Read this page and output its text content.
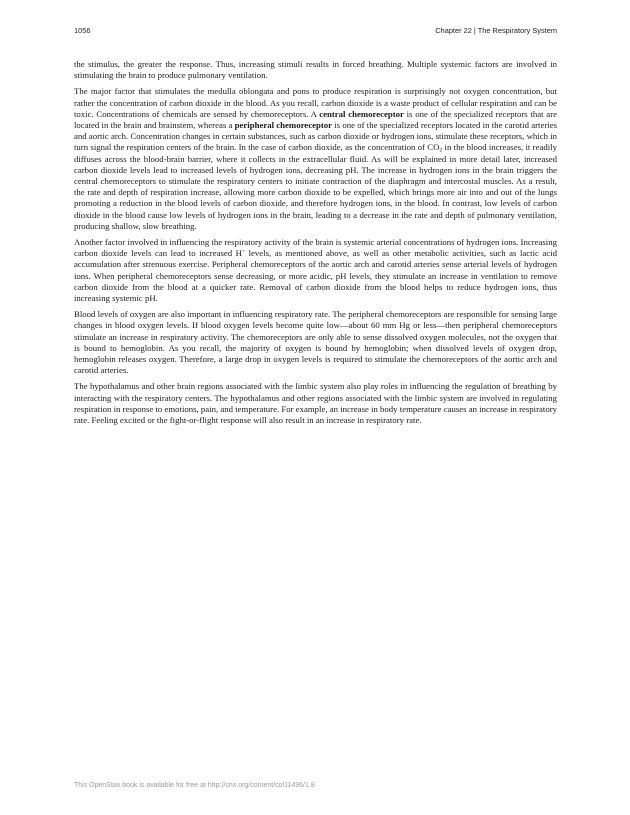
1056	Chapter 22 | The Respiratory System

the stimulus, the greater the response. Thus, increasing stimuli results in forced breathing. Multiple systemic factors are involved in stimulating the brain to produce pulmonary ventilation.

The major factor that stimulates the medulla oblongata and pons to produce respiration is surprisingly not oxygen concentration, but rather the concentration of carbon dioxide in the blood. As you recall, carbon dioxide is a waste product of cellular respiration and can be toxic. Concentrations of chemicals are sensed by chemoreceptors. A central chemoreceptor is one of the specialized receptors that are located in the brain and brainstem, whereas a peripheral chemoreceptor is one of the specialized receptors located in the carotid arteries and aortic arch. Concentration changes in certain substances, such as carbon dioxide or hydrogen ions, stimulate these receptors, which in turn signal the respiration centers of the brain. In the case of carbon dioxide, as the concentration of $CO_2$ in the blood increases, it readily diffuses across the blood-brain barrier, where it collects in the extracellular fluid. As will be explained in more detail later, increased carbon dioxide levels lead to increased levels of hydrogen ions, decreasing pH. The increase in hydrogen ions in the brain triggers the central chemoreceptors to stimulate the respiratory centers to initiate contraction of the diaphragm and intercostal muscles. As a result, the rate and depth of respiration increase, allowing more carbon dioxide to be expelled, which brings more air into and out of the lungs promoting a reduction in the blood levels of carbon dioxide, and therefore hydrogen ions, in the blood. In contrast, low levels of carbon dioxide in the blood cause low levels of hydrogen ions in the brain, leading to a decrease in the rate and depth of pulmonary ventilation, producing shallow, slow breathing.

Another factor involved in influencing the respiratory activity of the brain is systemic arterial concentrations of hydrogen ions. Increasing carbon dioxide levels can lead to increased H+ levels, as mentioned above, as well as other metabolic activities, such as lactic acid accumulation after strenuous exercise. Peripheral chemoreceptors of the aortic arch and carotid arteries sense arterial levels of hydrogen ions. When peripheral chemoreceptors sense decreasing, or more acidic, pH levels, they stimulate an increase in ventilation to remove carbon dioxide from the blood at a quicker rate. Removal of carbon dioxide from the blood helps to reduce hydrogen ions, thus increasing systemic pH.

Blood levels of oxygen are also important in influencing respiratory rate. The peripheral chemoreceptors are responsible for sensing large changes in blood oxygen levels. If blood oxygen levels become quite low—about 60 mm Hg or less—then peripheral chemoreceptors stimulate an increase in respiratory activity. The chemoreceptors are only able to sense dissolved oxygen molecules, not the oxygen that is bound to hemoglobin. As you recall, the majority of oxygen is bound by hemoglobin; when dissolved levels of oxygen drop, hemoglobin releases oxygen. Therefore, a large drop in oxygen levels is required to stimulate the chemoreceptors of the aortic arch and carotid arteries.

The hypothalamus and other brain regions associated with the limbic system also play roles in influencing the regulation of breathing by interacting with the respiratory centers. The hypothalamus and other regions associated with the limbic system are involved in regulating respiration in response to emotions, pain, and temperature. For example, an increase in body temperature causes an increase in respiratory rate. Feeling excited or the fight-or-flight response will also result in an increase in respiratory rate.

This OpenStax book is available for free at http://cnx.org/content/col11496/1.8
